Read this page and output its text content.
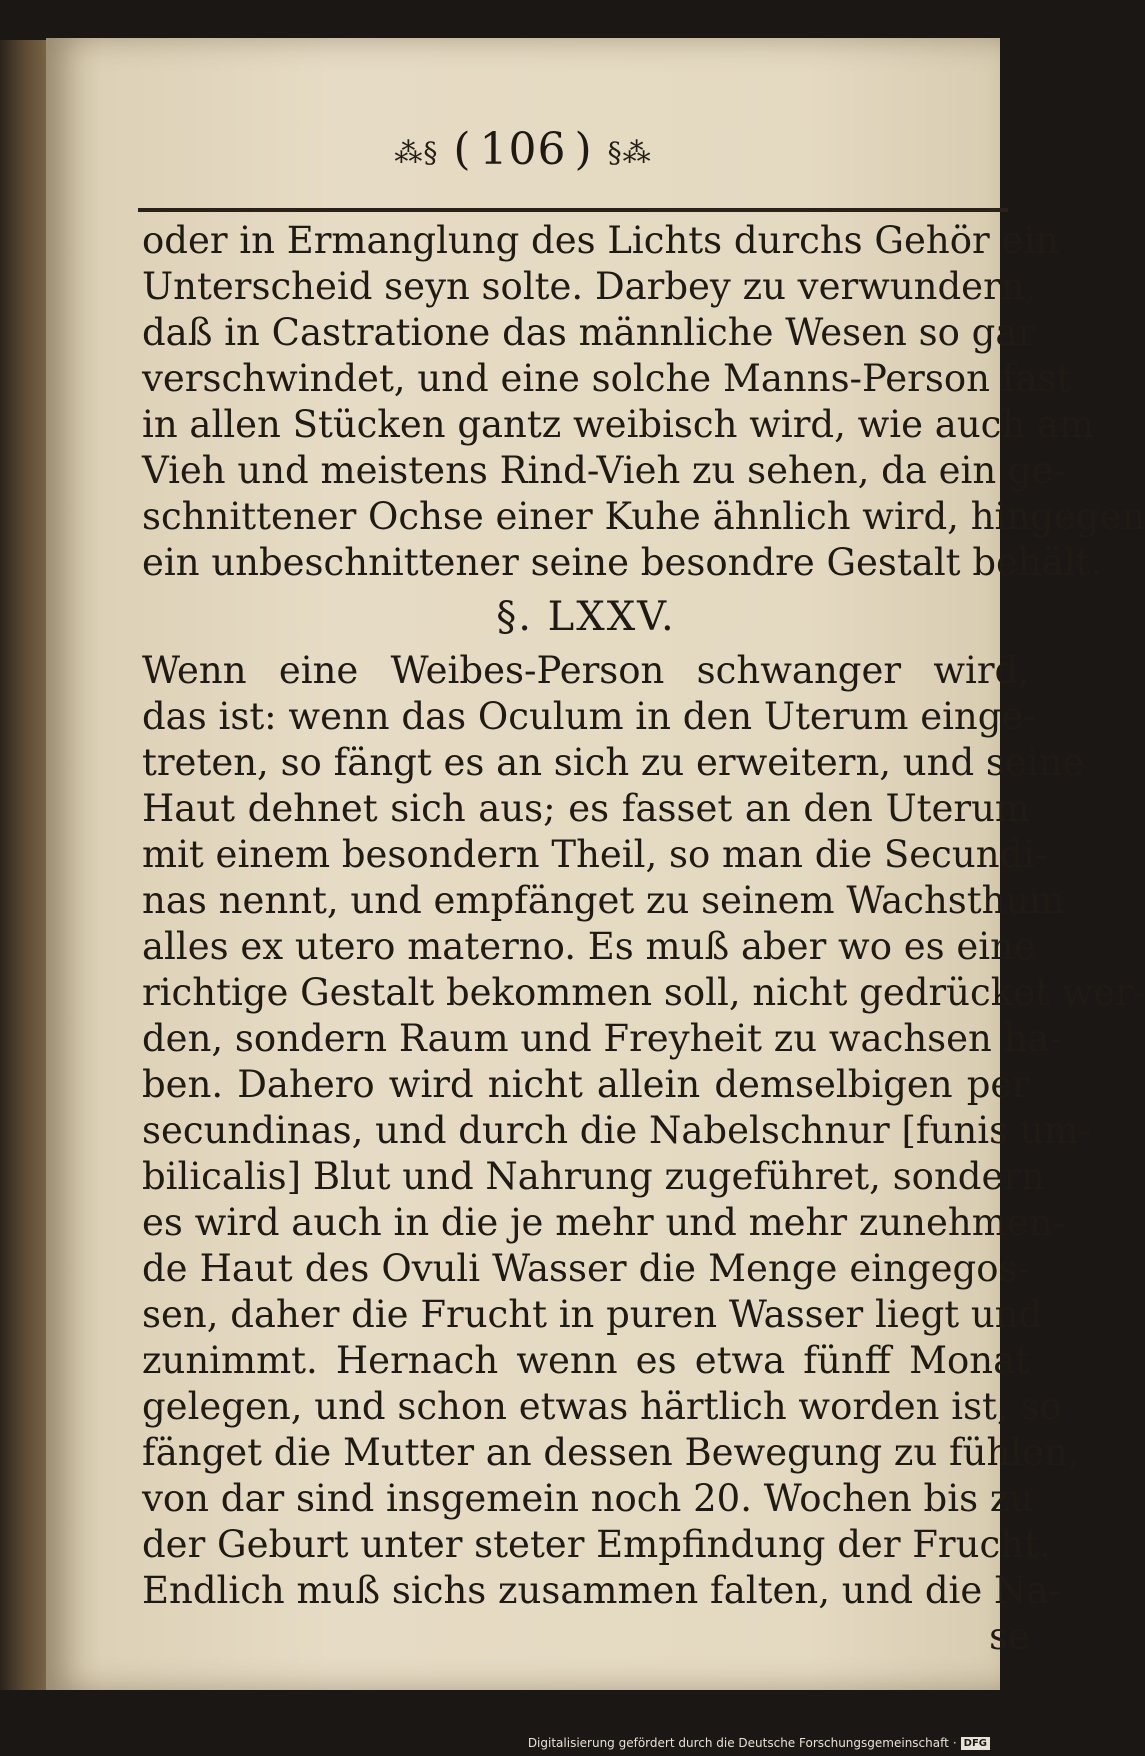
⁂§ ( 106 ) §⁂
oder in Ermanglung des Lichts durchs Gehör ein
Unterscheid seyn solte. Darbey zu verwundern,
daß in Castratione das männliche Wesen so gar
verschwindet, und eine solche Manns-Person fast
in allen Stücken gantz weibisch wird, wie auch am
Vieh und meistens Rind-Vieh zu sehen, da ein ge-
schnittener Ochse einer Kuhe ähnlich wird, hingegen
ein unbeschnittener seine besondre Gestalt behält.
§. LXXV.
Wenn eine Weibes-Person schwanger wird,
das ist: wenn das Oculum in den Uterum einge-
treten, so fängt es an sich zu erweitern, und seine
Haut dehnet sich aus; es fasset an den Uterum
mit einem besondern Theil, so man die Secundi-
nas nennt, und empfänget zu seinem Wachsthum
alles ex utero materno. Es muß aber wo es eine
richtige Gestalt bekommen soll, nicht gedrücket wer-
den, sondern Raum und Freyheit zu wachsen ha-
ben. Dahero wird nicht allein demselbigen per
secundinas, und durch die Nabelschnur [funis um-
bilicalis] Blut und Nahrung zugeführet, sondern
es wird auch in die je mehr und mehr zunehmen-
de Haut des Ovuli Wasser die Menge eingegos-
sen, daher die Frucht in puren Wasser liegt und
zunimmt. Hernach wenn es etwa fünff Monat
gelegen, und schon etwas härtlich worden ist, so
fänget die Mutter an dessen Bewegung zu fühlen,
von dar sind insgemein noch 20. Wochen bis zu
der Geburt unter steter Empfindung der Frucht.
Endlich muß sichs zusammen falten, und die Na-
se
Digitalisierung gefördert durch die Deutsche Forschungsgemeinschaft · DFG
